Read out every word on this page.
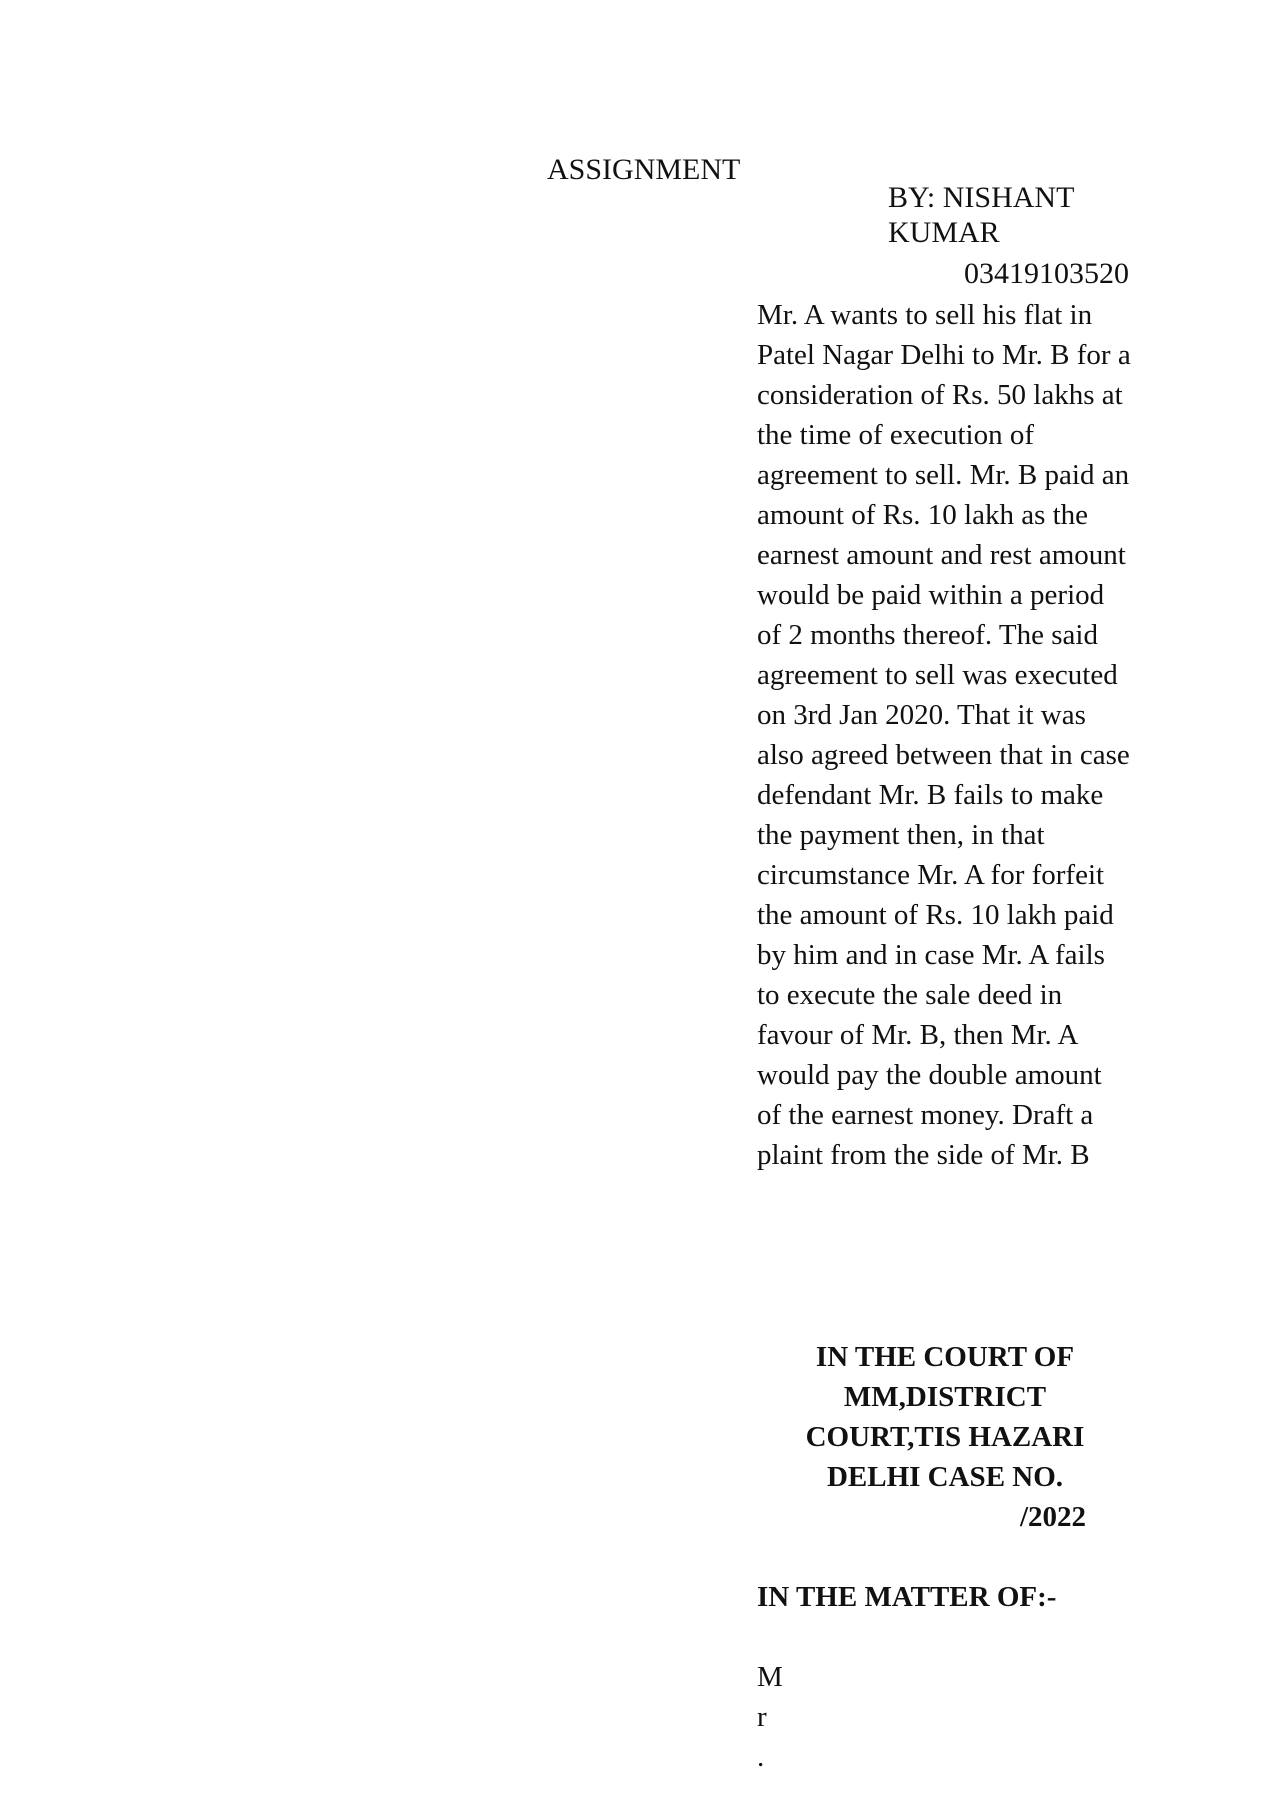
ASSIGNMENT
BY: NISHANT
KUMAR
03419103520

Mr. A wants to sell his flat in Patel Nagar Delhi to Mr. B for a consideration of Rs. 50 lakhs at the time of execution of agreement to sell. Mr. B paid an amount of Rs. 10 lakh as the earnest amount and rest amount would be paid within a period of 2 months thereof. The said agreement to sell was executed on 3rd Jan 2020. That it was also agreed between that in case defendant Mr. B fails to make the payment then, in that circumstance Mr. A for forfeit the amount of Rs. 10 lakh paid by him and in case Mr. A fails to execute the sale deed in favour of Mr. B, then Mr. A would pay the double amount of the earnest money. Draft a plaint from the side of Mr. B

IN THE COURT OF MM,DISTRICT COURT,TIS HAZARI DELHI CASE NO.
/2022

IN THE MATTER OF:-

M
r
.
